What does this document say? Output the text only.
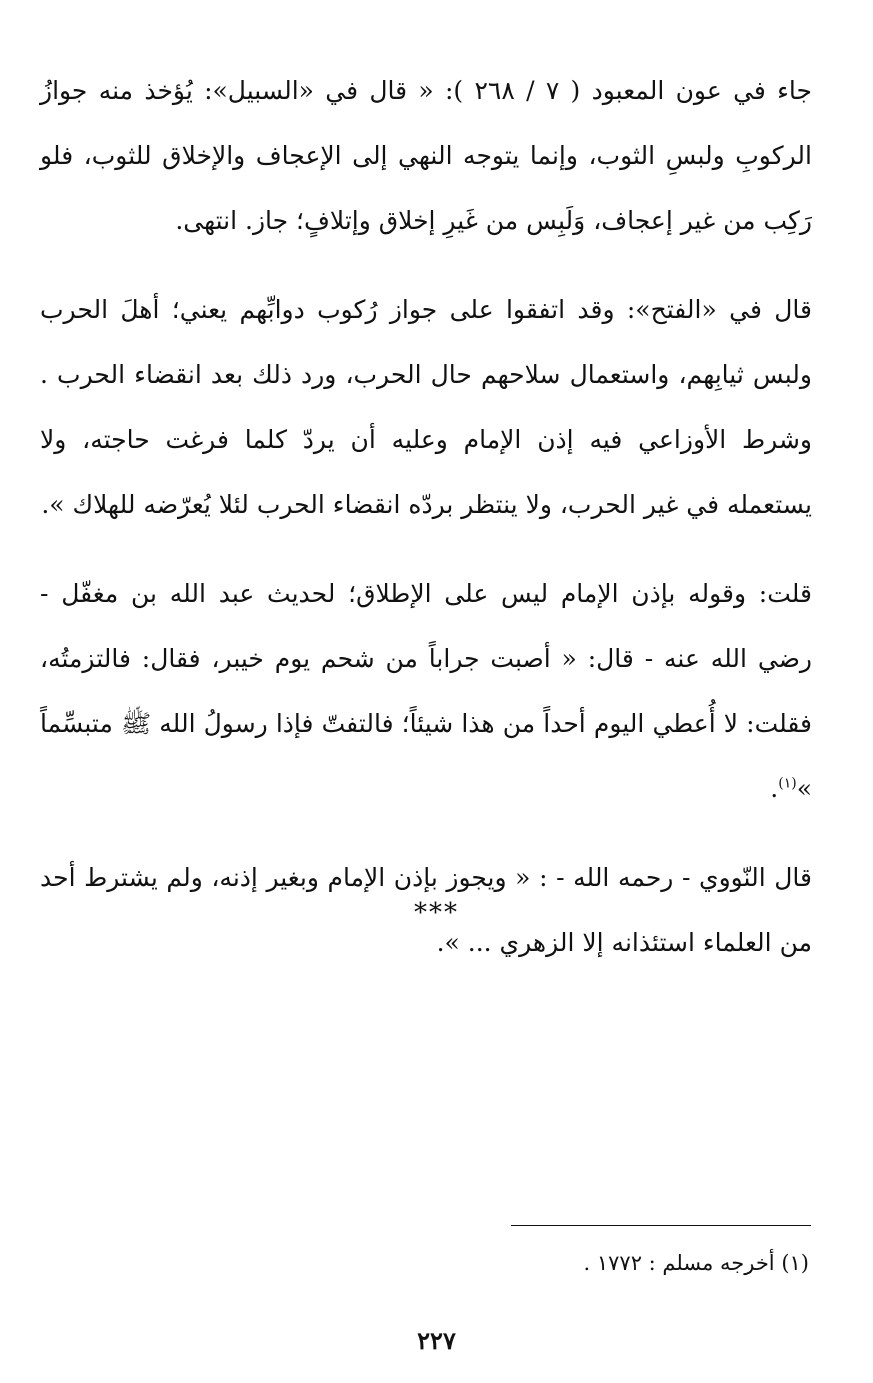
جاء في عون المعبود ( ٧ / ٢٦٨ ): « قال في «السبيل»: يُؤخذ منه جوازُ الركوبِ ولبسِ الثوب، وإنما يتوجه النهي إلى الإعجاف والإخلاق للثوب، فلو رَكِب من غير إعجاف، وَلَبِس من غَيرِ إخلاق وإتلافٍ؛ جاز. انتهى.

قال في «الفتح»: وقد اتفقوا على جواز رُكوب دوابِّهم يعني؛ أهلَ الحرب ولبس ثيابِهم، واستعمال سلاحهم حال الحرب، ورد ذلك بعد انقضاء الحرب . وشرط الأوزاعي فيه إذن الإمام وعليه أن يردّ كلما فرغت حاجته، ولا يستعمله في غير الحرب، ولا ينتظر بردّه انقضاء الحرب لئلا يُعرّضه للهلاك ».

قلت: وقوله بإذن الإمام ليس على الإطلاق؛ لحديث عبد الله بن مغفّل - رضي الله عنه - قال: « أصبت جراباً من شحم يوم خيبر، فقال: فالتزمتُه، فقلت: لا أُعطي اليوم أحداً من هذا شيئاً؛ فالتفتّ فإذا رسولُ الله ﷺ متبسِّماً »$^{(١)}$.

قال النّووي - رحمه الله - : « ويجوز بإذن الإمام وبغير إذنه، ولم يشترط أحد من العلماء استئذانه إلا الزهري ... ».

***
(١) أخرجه مسلم : ١٧٧٢ .
٢٢٧
